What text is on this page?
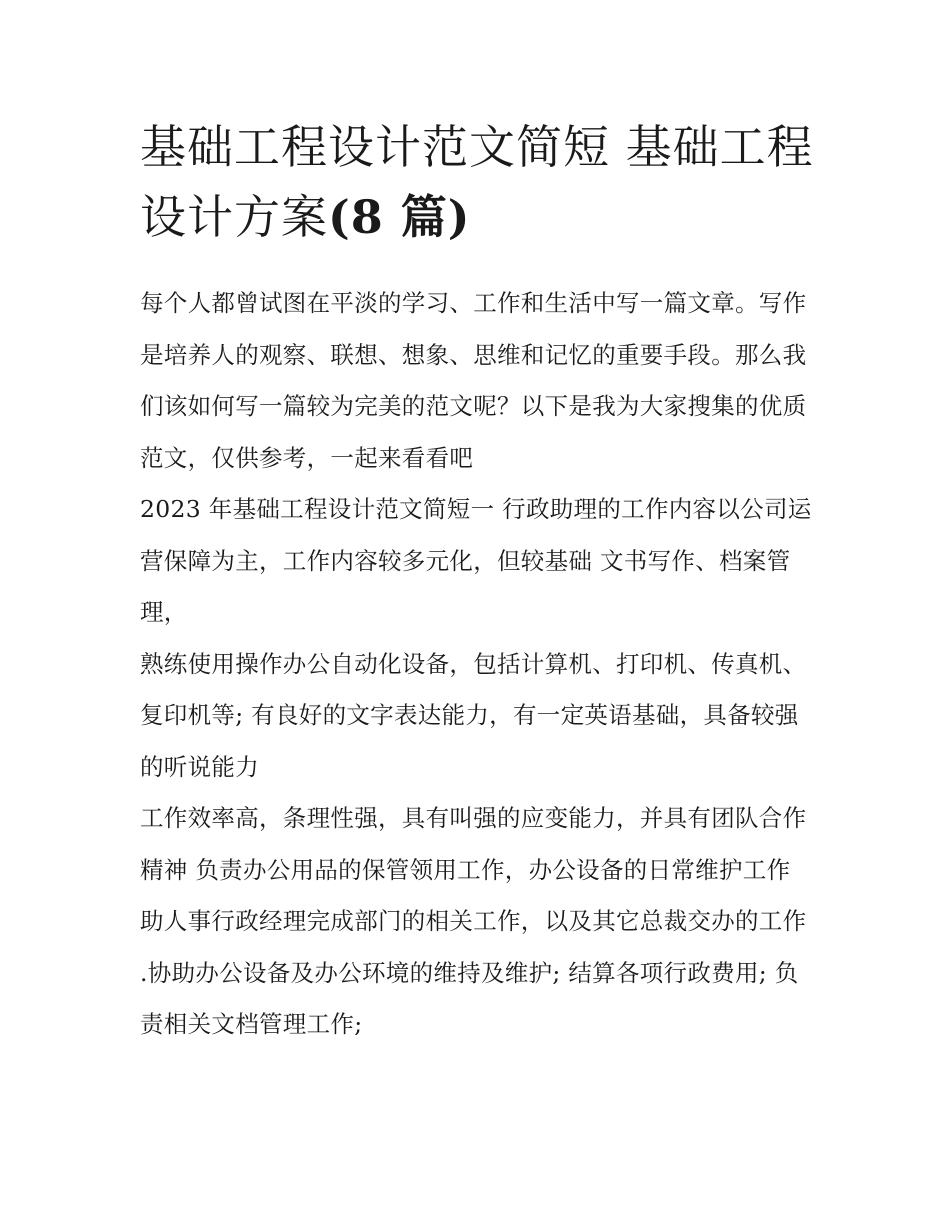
基础工程设计范文简短 基础工程设计方案(8 篇)

每个人都曾试图在平淡的学习、工作和生活中写一篇文章。写作是培养人的观察、联想、想象、思维和记忆的重要手段。那么我们该如何写一篇较为完美的范文呢？以下是我为大家搜集的优质范文，仅供参考，一起来看看吧

2023 年基础工程设计范文简短一 行政助理的工作内容以公司运营保障为主，工作内容较多元化，但较基础 文书写作、档案管理，

熟练使用操作办公自动化设备，包括计算机、打印机、传真机、复印机等; 有良好的文字表达能力，有一定英语基础，具备较强的听说能力

工作效率高，条理性强，具有叫强的应变能力，并具有团队合作精神 负责办公用品的保管领用工作，办公设备的日常维护工作

助人事行政经理完成部门的相关工作，以及其它总裁交办的工作 .协助办公设备及办公环境的维持及维护; 结算各项行政费用; 负责相关文档管理工作;
